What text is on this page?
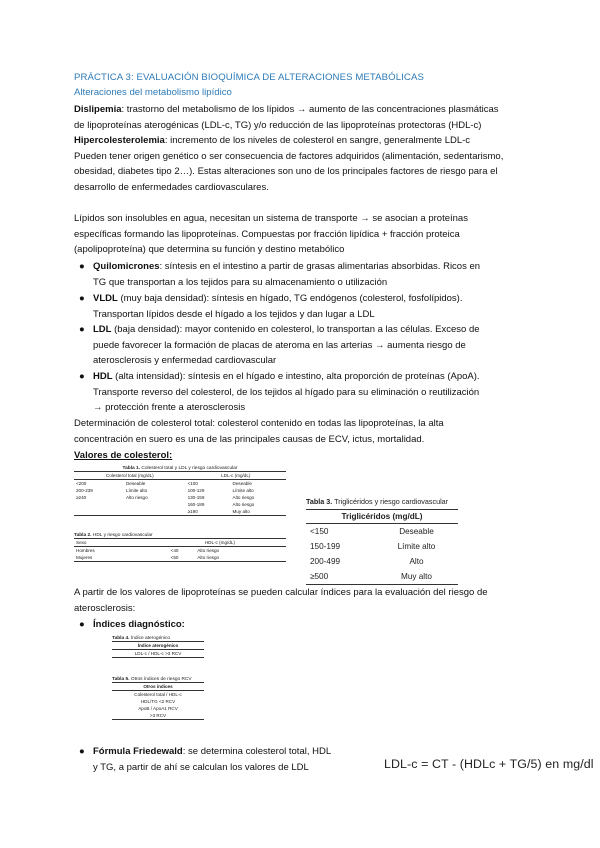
PRÁCTICA 3: EVALUACIÓN BIOQUÍMICA DE ALTERACIONES METABÓLICAS
Alteraciones del metabolismo lipídico
Dislipemia: trastorno del metabolismo de los lípidos → aumento de las concentraciones plasmáticas
de lipoproteínas aterogénicas (LDL-c, TG) y/o reducción de las lipoproteínas protectoras (HDL-c)
Hipercolesterolemia: incremento de los niveles de colesterol en sangre, generalmente LDL-c
Pueden tener origen genético o ser consecuencia de factores adquiridos (alimentación, sedentarismo,
obesidad, diabetes tipo 2…). Estas alteraciones son uno de los principales factores de riesgo para el
desarrollo de enfermedades cardiovasculares.
Lípidos son insolubles en agua, necesitan un sistema de transporte → se asocian a proteínas
específicas formando las lipoproteínas. Compuestas por fracción lipídica + fracción proteica
(apolipoproteína) que determina su función y destino metabólico
● Quilomicrones: síntesis en el intestino a partir de grasas alimentarias absorbidas. Ricos en
TG que transportan a los tejidos para su almacenamiento o utilización
● VLDL (muy baja densidad): síntesis en hígado, TG endógenos (colesterol, fosfolípidos).
Transportan lípidos desde el hígado a los tejidos y dan lugar a LDL
● LDL (baja densidad): mayor contenido en colesterol, lo transportan a las células. Exceso de
puede favorecer la formación de placas de ateroma en las arterias → aumenta riesgo de
aterosclerosis y enfermedad cardiovascular
● HDL (alta intensidad): síntesis en el hígado e intestino, alta proporción de proteínas (ApoA).
Transporte reverso del colesterol, de los tejidos al hígado para su eliminación o reutilización
→ protección frente a aterosclerosis
Determinación de colesterol total: colesterol contenido en todas las lipoproteínas, la alta
concentración en suero es una de las principales causas de ECV, ictus, mortalidad.
Valores de colesterol:
Tabla 1. Colesterol total y LDL y riesgo cardiovascular
Colesterol total (mg/dL)		LDL-c (mg/dL)	
<200	Deseable	<100	Deseable
200-239	Límite alto	100-129	Límite alto
≥240	Alto riesgo	130-159	Alto riesgo
		160-189	Alto riesgo
		≥190	Muy alto
Tabla 2. HDL y riesgo cardiovascular
Sexo	HDL-c (mg/dL)	
Hombres	<40	Alto riesgo
Mujeres	<50	Alto riesgo
Tabla 3. Triglicéridos y riesgo cardiovascular
Triglicéridos (mg/dL)	
<150	Deseable
150-199	Límite alto
200-499	Alto
≥500	Muy alto
A partir de los valores de lipoproteínas se pueden calcular índices para la evaluación del riesgo de
aterosclerosis:
● Índices diagnóstico:
Tabla 4. Índice aterogénico
Índice aterogénico
LDL-c / HDL-c >3 RCV
Tabla 5. Otros índices de riesgo RCV
Otros índices
Colesterol total / HDL-c
HDL/TG <2 RCV
ApoB / ApoA1 RCV
>3 RCV
● Fórmula Friedewald: se determina colesterol total, HDL
y TG, a partir de ahí se calculan los valores de LDL	LDL-c = CT - (HDLc + TG/5) en mg/dl
